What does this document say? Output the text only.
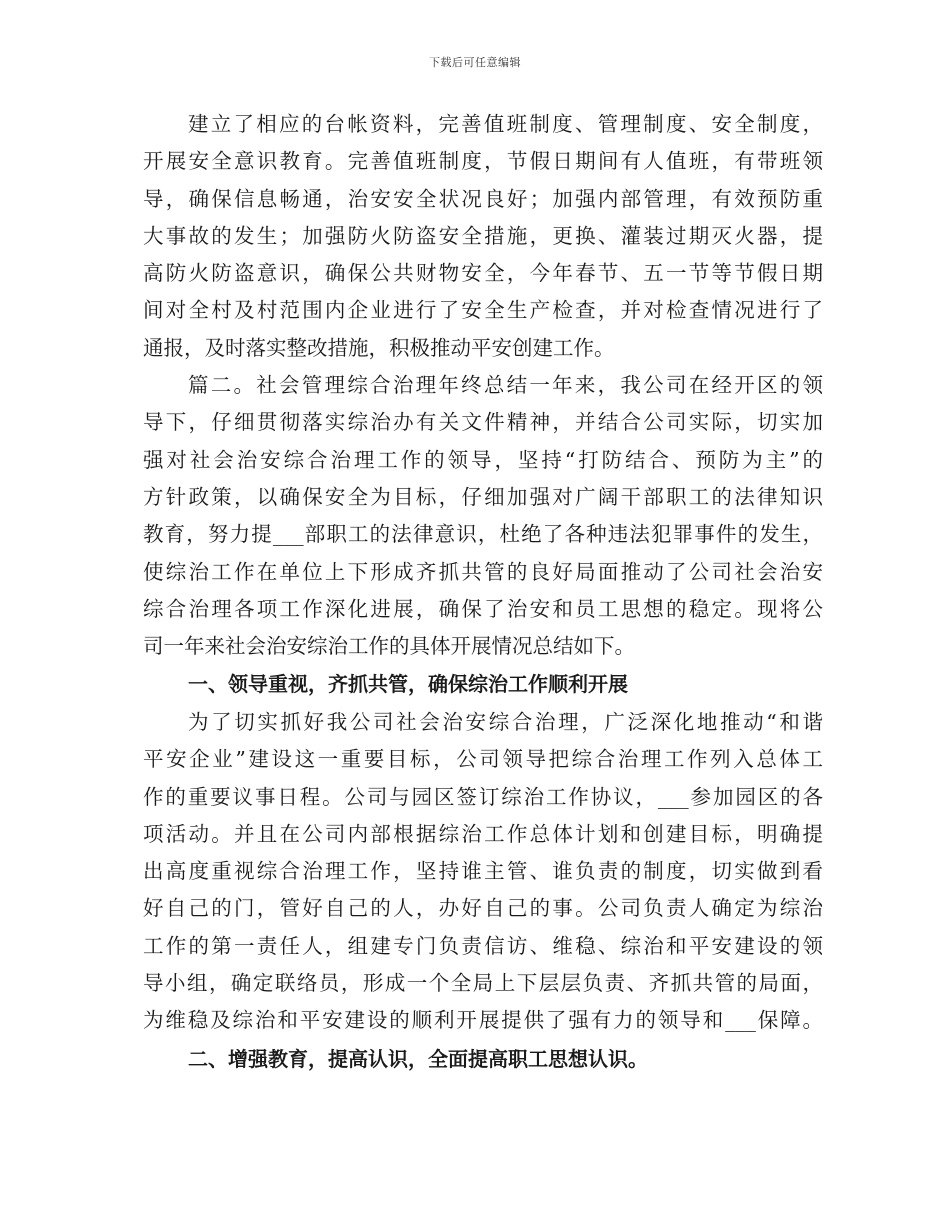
下载后可任意编辑
建立了相应的台帐资料，完善值班制度、管理制度、安全制度，
开展安全意识教育。完善值班制度，节假日期间有人值班，有带班领
导，确保信息畅通，治安安全状况良好；加强内部管理，有效预防重
大事故的发生；加强防火防盗安全措施，更换、灌装过期灭火器，提
高防火防盗意识，确保公共财物安全，今年春节、五一节等节假日期
间对全村及村范围内企业进行了安全生产检查，并对检查情况进行了
通报，及时落实整改措施，积极推动平安创建工作。
篇二。社会管理综合治理年终总结一年来，我公司在经开区的领
导下，仔细贯彻落实综治办有关文件精神，并结合公司实际，切实加
强对社会治安综合治理工作的领导，坚持“打防结合、预防为主”的
方针政策，以确保安全为目标，仔细加强对广阔干部职工的法律知识
教育，努力提___部职工的法律意识，杜绝了各种违法犯罪事件的发生，
使综治工作在单位上下形成齐抓共管的良好局面推动了公司社会治安
综合治理各项工作深化进展，确保了治安和员工思想的稳定。现将公
司一年来社会治安综治工作的具体开展情况总结如下。
一、领导重视，齐抓共管，确保综治工作顺利开展
为了切实抓好我公司社会治安综合治理，广泛深化地推动“和谐
平安企业”建设这一重要目标，公司领导把综合治理工作列入总体工
作的重要议事日程。公司与园区签订综治工作协议，___参加园区的各
项活动。并且在公司内部根据综治工作总体计划和创建目标，明确提
出高度重视综合治理工作，坚持谁主管、谁负责的制度，切实做到看
好自己的门，管好自己的人，办好自己的事。公司负责人确定为综治
工作的第一责任人，组建专门负责信访、维稳、综治和平安建设的领
导小组，确定联络员，形成一个全局上下层层负责、齐抓共管的局面，
为维稳及综治和平安建设的顺利开展提供了强有力的领导和___保障。
二、增强教育，提高认识，全面提高职工思想认识。
